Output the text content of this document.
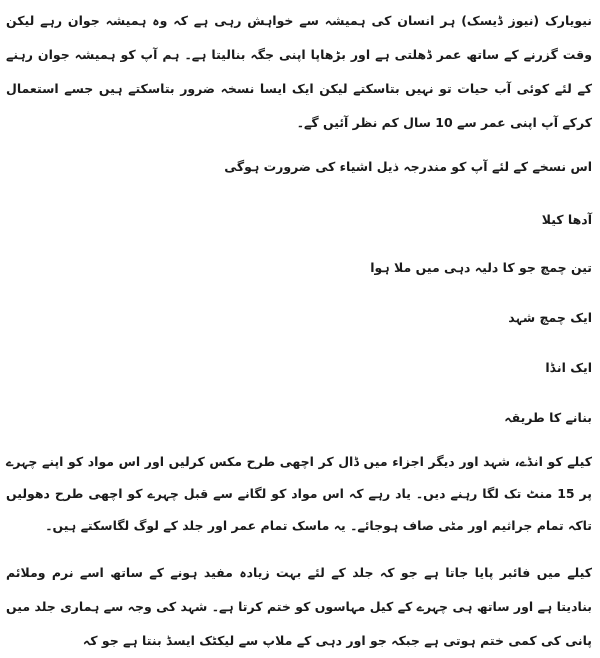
نیویارک (نیوز ڈیسک) ہر انسان کی ہمیشہ سے خواہش رہی ہے کہ وہ ہمیشہ جوان رہے لیکن وقت گزرنے کے ساتھ عمر ڈھلتی ہے اور بڑھاپا اپنی جگہ بنالیتا ہے۔ ہم آپ کو ہمیشہ جوان رہنے کے لئے کوئی آب حیات تو نہیں بتاسکتے لیکن ایک ایسا نسخہ ضرور بتاسکتے ہیں جسے استعمال کرکے آپ اپنی عمر سے 10 سال کم نظر آئیں گے۔

اس نسخے کے لئے آپ کو مندرجہ ذیل اشیاء کی ضرورت ہوگی

آدھا کیلا

تین چمچ جو کا دلیہ دہی میں ملا ہوا

ایک چمچ شہد

ایک انڈا

بنانے کا طریقہ

کیلے کو انڈے، شہد اور دیگر اجزاء میں ڈال کر اچھی طرح مکس کرلیں اور اس مواد کو اپنے چہرے پر 15 منٹ تک لگا رہنے دیں۔ یاد رہے کہ اس مواد کو لگانے سے قبل چہرے کو اچھی طرح دھولیں تاکہ تمام جراثیم اور مٹی صاف ہوجائے۔ یہ ماسک تمام عمر اور جلد کے لوگ لگاسکتے ہیں۔

کیلے میں فائبر پایا جاتا ہے جو کہ جلد کے لئے بہت زیادہ مفید ہونے کے ساتھ اسے نرم وملائم بنادیتا ہے اور ساتھ ہی چہرے کے کیل مہاسوں کو ختم کرتا ہے۔ شہد کی وجہ سے ہماری جلد میں پانی کی کمی ختم ہوتی ہے جبکہ جو اور دہی کے ملاپ سے لیکٹک ایسڈ بنتا ہے جو کہ
